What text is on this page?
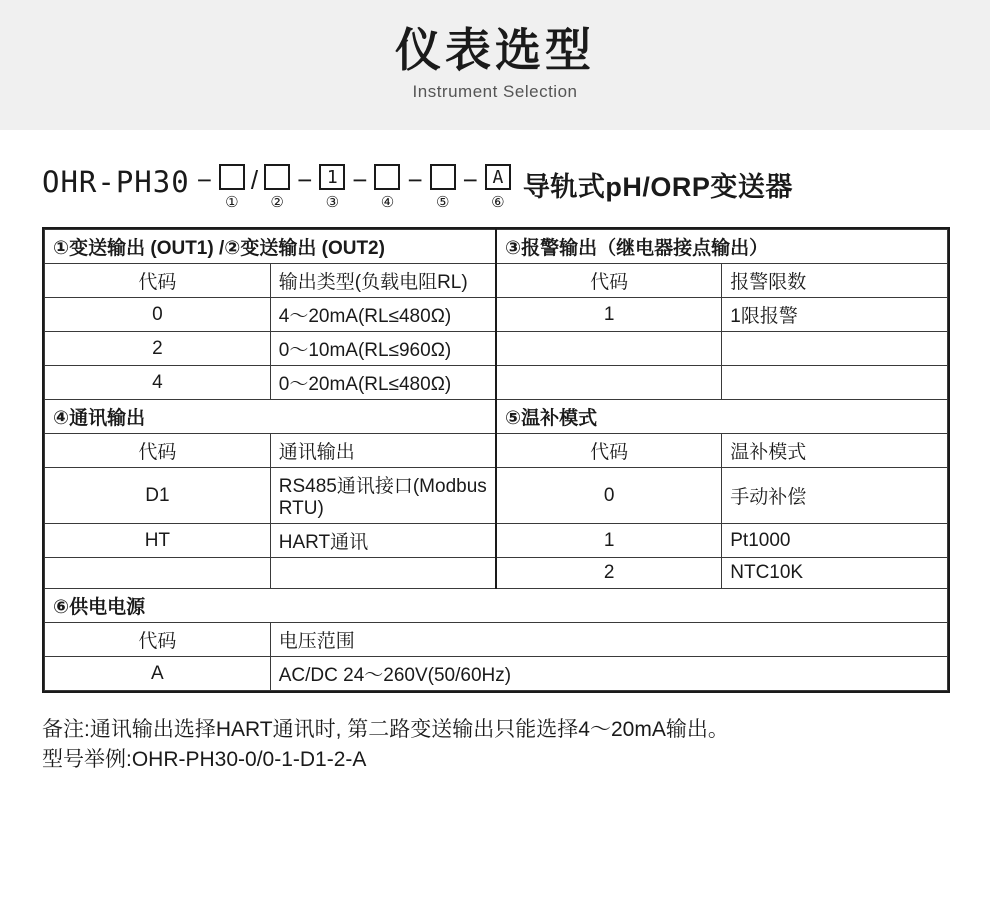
仪表选型
Instrument Selection
OHR-PH30 −
①
/
②
− 1
③
−
④
−
⑤
− A
⑥
导轨式pH/ORP变送器
①变送输出 (OUT1) /②变送输出 (OUT2)		③报警输出（继电器接点输出）	
代码	输出类型(负载电阻RL)	代码	报警限数
0	4～20mA(RL≤480Ω)	1	1限报警
2	0～10mA(RL≤960Ω)		
4	0～20mA(RL≤480Ω)		
④通讯输出		⑤温补模式	
代码	通讯输出	代码	温补模式
D1	RS485通讯接口(Modbus RTU)	0	手动补偿
HT	HART通讯	1	Pt1000
		2	NTC10K
⑥供电电源			
代码	电压范围		
A	AC/DC 24～260V(50/60Hz)		
备注:通讯输出选择HART通讯时, 第二路变送输出只能选择4～20mA输出。
型号举例:OHR-PH30-0/0-1-D1-2-A
